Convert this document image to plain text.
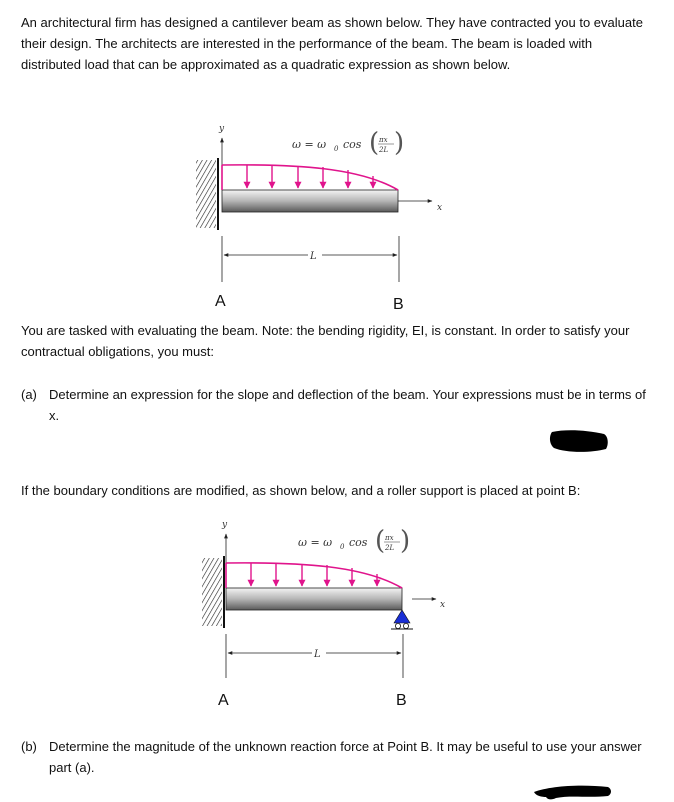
An architectural firm has designed a cantilever beam as shown below. They have contracted you to evaluate their design. The architects are interested in the performance of the beam. The beam is loaded with distributed load that can be approximated as a quadratic expression as shown below.

y
x
ω = ω 0 cos ( πx
2L )
L
A	B

You are tasked with evaluating the beam. Note: the bending rigidity, EI, is constant. In order to satisfy your contractual obligations, you must:

(a) Determine an expression for the slope and deflection of the beam. Your expressions must be in terms of x.

If the boundary conditions are modified, as shown below, and a roller support is placed at point B:

y
x
ω = ω 0 cos ( πx
2L )
L
A	B
(b) Determine the magnitude of the unknown reaction force at Point B. It may be useful to use your answer part (a).
